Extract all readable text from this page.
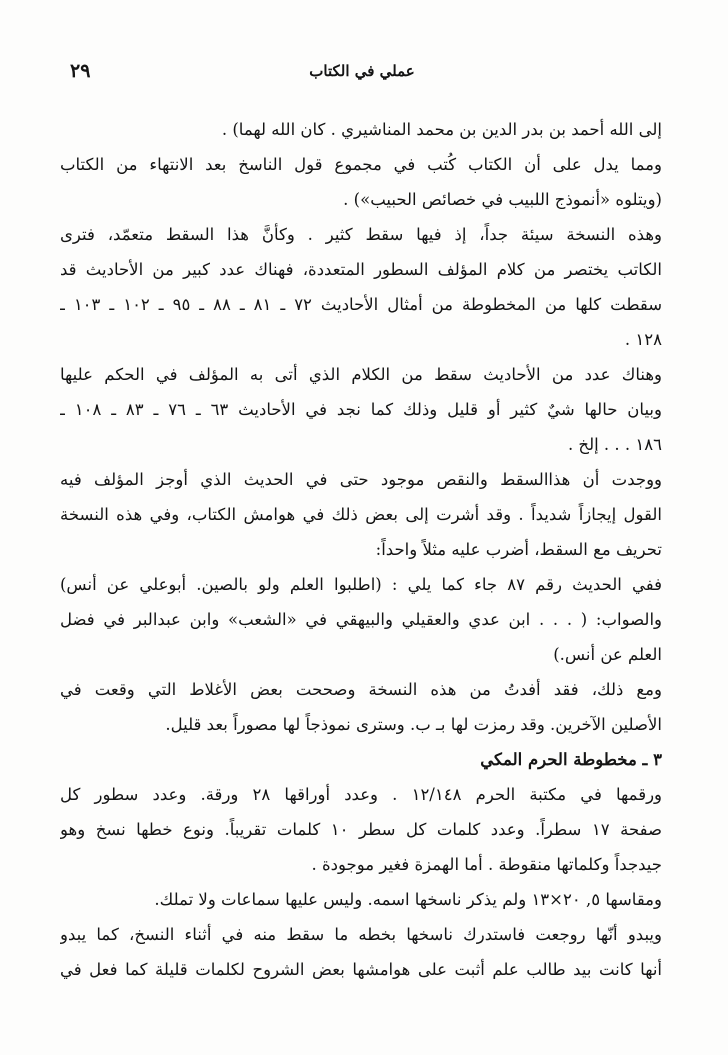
٢٩	عملي في الكتاب
إلى الله أحمد بن بدر الدين بن محمد المناشيري . كان الله لهما) .
ومما يدل على أن الكتاب كُتب في مجموع قول الناسخ بعد الانتهاء من الكتاب
(ويتلوه «أنموذج اللبيب في خصائص الحبيب») .
وهذه النسخة سيئة جداً، إذ فيها سقط كثير . وكأنَّ هذا السقط متعمّد، فترى
الكاتب يختصر من كلام المؤلف السطور المتعددة، فهناك عدد كبير من الأحاديث قد
سقطت كلها من المخطوطة من أمثال الأحاديث ٧٢ ـ ٨١ ـ ٨٨ ـ ٩٥ ـ ١٠٢ ـ ١٠٣ ـ
١٢٨ .
وهناك عدد من الأحاديث سقط من الكلام الذي أتى به المؤلف في الحكم عليها
وبيان حالها شيٌ كثير أو قليل وذلك كما نجد في الأحاديث ٦٣ ـ ٧٦ ـ ٨٣ ـ ١٠٨ ـ
١٨٦ . . . إلخ .
ووجدت أن هذاالسقط والنقص موجود حتى في الحديث الذي أوجز المؤلف فيه
القول إيجازاً شديداً . وقد أشرت إلى بعض ذلك في هوامش الكتاب، وفي هذه النسخة
تحريف مع السقط، أضرب عليه مثلاً واحداً:
ففي الحديث رقم ٨٧ جاء كما يلي : (اطلبوا العلم ولو بالصين. أبوعلي عن أنس)
والصواب: ( . . . ابن عدي والعقيلي والبيهقي في «الشعب» وابن عبدالبر في فضل
العلم عن أنس.)
ومع ذلك، فقد أفدتُ من هذه النسخة وصححت بعض الأغلاط التي وقعت في
الأصلين الآخرين. وقد رمزت لها بـ ب. وسترى نموذجاً لها مصوراً بعد قليل.
٣ ـ مخطوطة الحرم المكي
ورقمها في مكتبة الحرم ١٢/١٤٨ . وعدد أوراقها ٢٨ ورقة. وعدد سطور كل
صفحة ١٧ سطراً. وعدد كلمات كل سطر ١٠ كلمات تقريباً. ونوع خطها نسخ وهو
جيدجداً وكلماتها منقوطة . أما الهمزة فغير موجودة .
ومقاسها ٥, ٢٠×١٣ ولم يذكر ناسخها اسمه. وليس عليها سماعات ولا تملك.
ويبدو أنّها روجعت فاستدرك ناسخها بخطه ما سقط منه في أثناء النسخ، كما يبدو
أنها كانت بيد طالب علم أثبت على هوامشها بعض الشروح لكلمات قليلة كما فعل في
